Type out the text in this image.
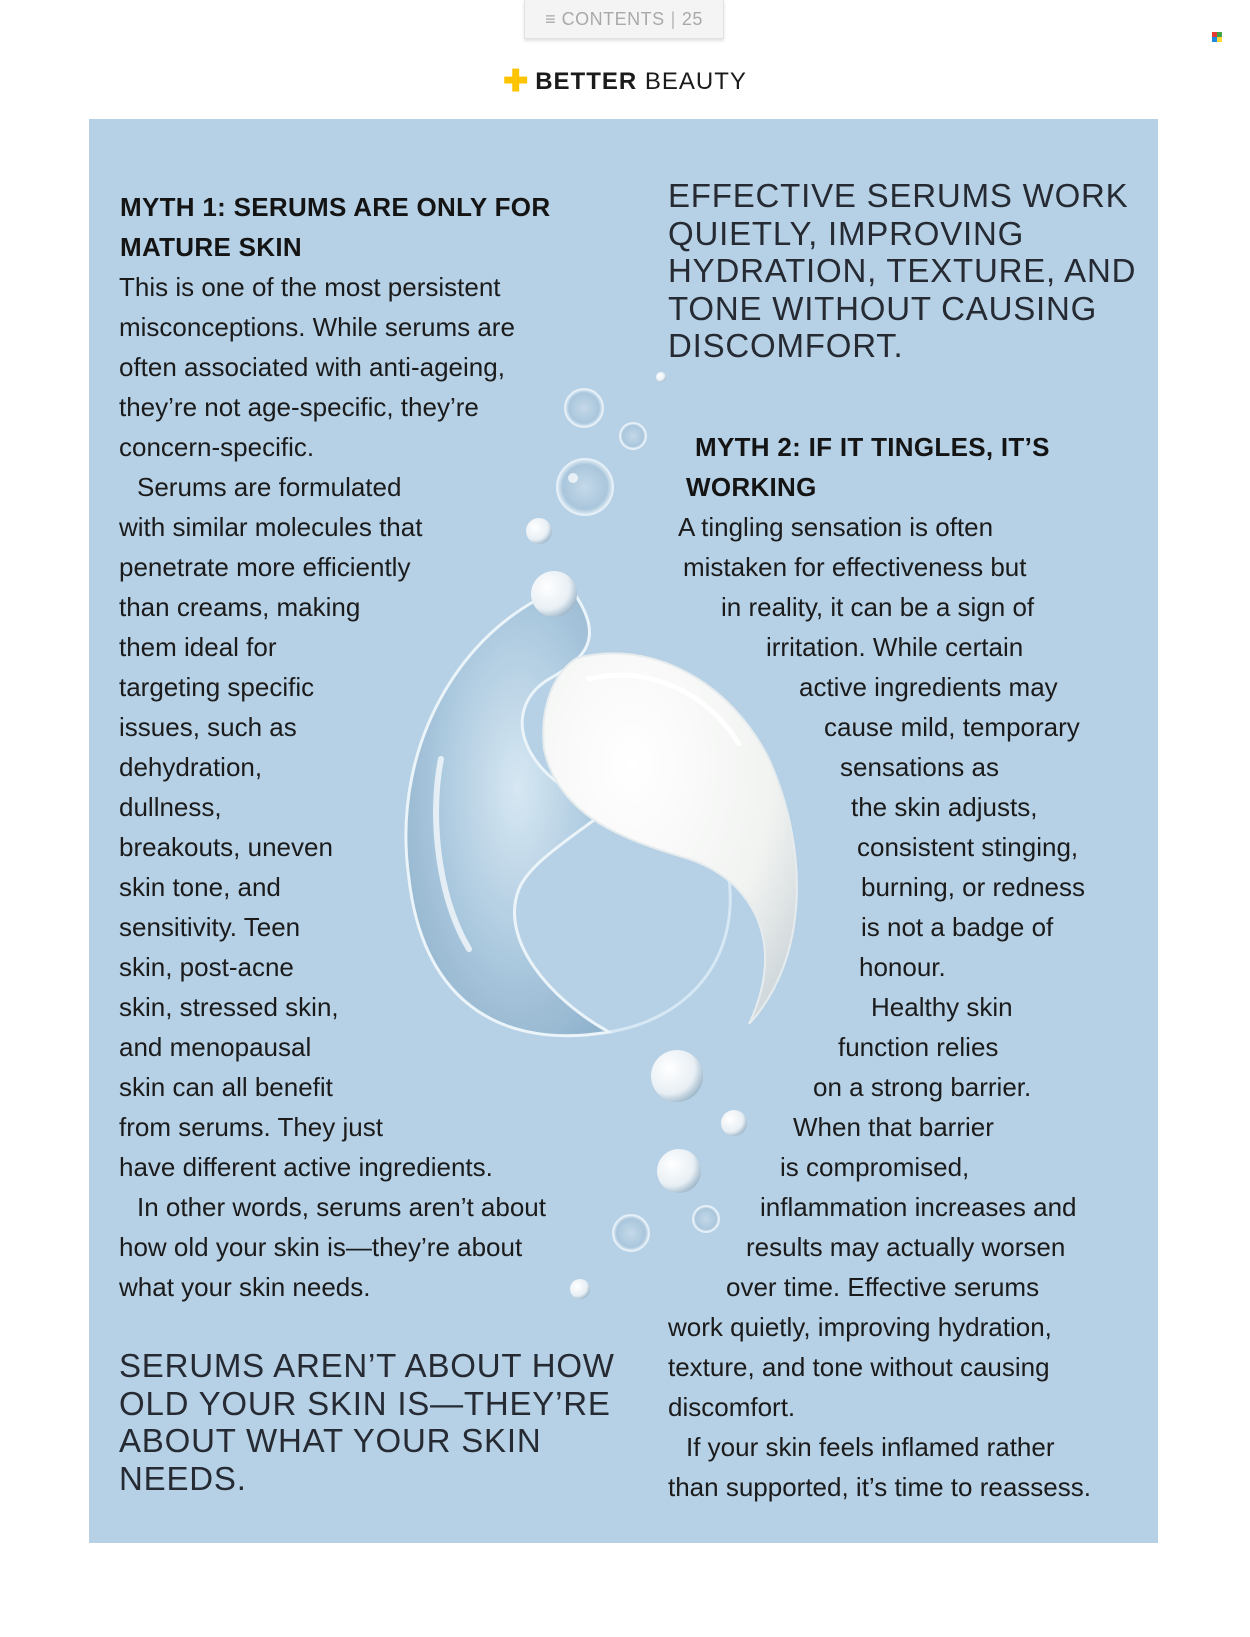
≡ CONTENTS | 25
✚ BETTER BEAUTY
MYTH 1: SERUMS ARE ONLY FOR
MATURE SKIN
This is one of the most persistent
misconceptions. While serums are
often associated with anti-ageing,
they’re not age-specific, they’re
concern-specific.
Serums are formulated
with similar molecules that
penetrate more efficiently
than creams, making
them ideal for
targeting specific
issues, such as
dehydration,
dullness,
breakouts, uneven
skin tone, and
sensitivity. Teen
skin, post-acne
skin, stressed skin,
and menopausal
skin can all benefit
from serums. They just
have different active ingredients.
In other words, serums aren’t about
how old your skin is—they’re about
what your skin needs.
SERUMS AREN’T ABOUT HOW
OLD YOUR SKIN IS—THEY’RE
ABOUT WHAT YOUR SKIN
NEEDS.
EFFECTIVE SERUMS WORK
QUIETLY, IMPROVING
HYDRATION, TEXTURE, AND
TONE WITHOUT CAUSING
DISCOMFORT.
MYTH 2: IF IT TINGLES, IT’S
WORKING
A tingling sensation is often
mistaken for effectiveness but
in reality, it can be a sign of
irritation. While certain
active ingredients may
cause mild, temporary
sensations as
the skin adjusts,
consistent stinging,
burning, or redness
is not a badge of
honour.
Healthy skin
function relies
on a strong barrier.
When that barrier
is compromised,
inflammation increases and
results may actually worsen
over time. Effective serums
work quietly, improving hydration,
texture, and tone without causing
discomfort.
If your skin feels inflamed rather
than supported, it’s time to reassess.
